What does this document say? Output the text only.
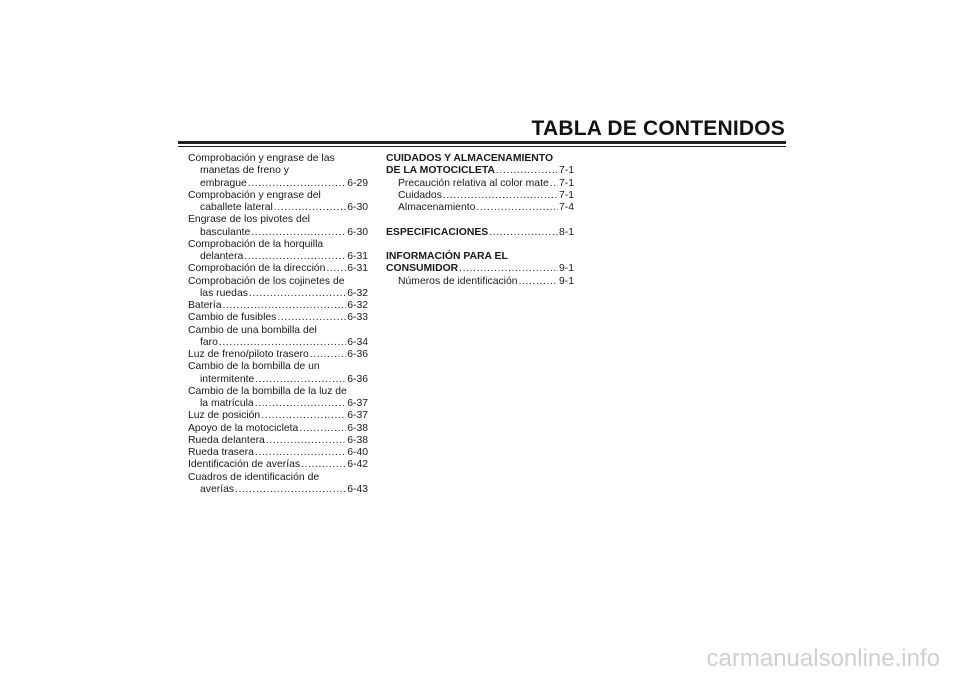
TABLA DE CONTENIDOS
Comprobación y engrase de las
manetas de freno y
embrague .....	6-29
Comprobación y engrase del
caballete lateral .....	6-30
Engrase de los pivotes del
basculante .....	6-30
Comprobación de la horquilla
delantera .....	6-31
Comprobación de la dirección ..... 6-31
Comprobación de los cojinetes de
las ruedas .....	6-32
Batería .....	6-32
Cambio de fusibles .....	6-33
Cambio de una bombilla del
faro .....	6-34
Luz de freno/piloto trasero .....	6-36
Cambio de la bombilla de un
intermitente .....	6-36
Cambio de la bombilla de la luz de
la matrícula .....	6-37
Luz de posición .....	6-37
Apoyo de la motocicleta .....	6-38
Rueda delantera .....	6-38
Rueda trasera .....	6-40
Identificación de averías .....	6-42
Cuadros de identificación de
averías .....	6-43
CUIDADOS Y ALMACENAMIENTO
DE LA MOTOCICLETA .....	7-1
Precaución relativa al color mate ..... 7-1
Cuidados .....	7-1
Almacenamiento .....	7-4
ESPECIFICACIONES .....	8-1
INFORMACIÓN PARA EL
CONSUMIDOR .....	9-1
Números de identificación .....	9-1
carmanualsonline.info
